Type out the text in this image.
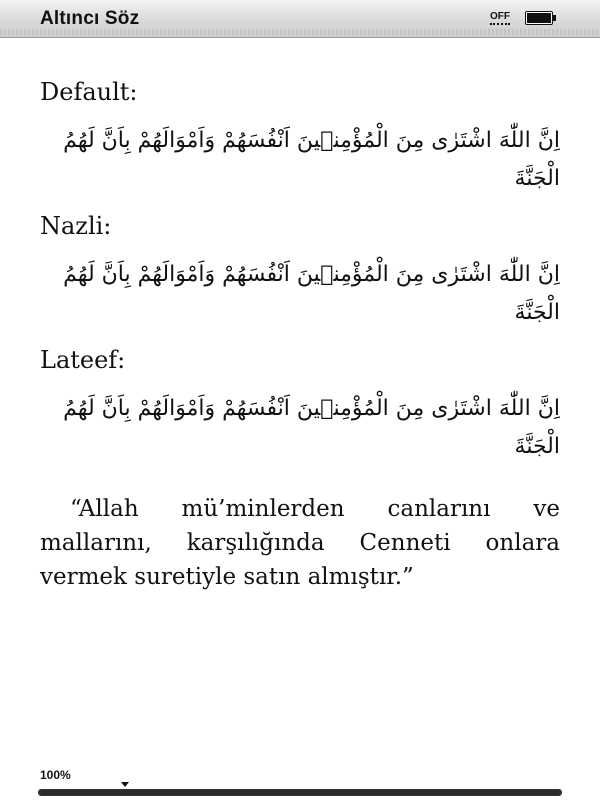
Altıncı Söz	OFF

Default:

اِنَّ اللّٰهَ اشْتَرٰى مِنَ الْمُؤْمِنٖينَ اَنْفُسَهُمْ وَاَمْوَالَهُمْ بِاَنَّ لَهُمُ الْجَنَّةَ

Nazli:

اِنَّ اللّٰهَ اشْتَرٰى مِنَ الْمُؤْمِنٖينَ اَنْفُسَهُمْ وَاَمْوَالَهُمْ بِاَنَّ لَهُمُ الْجَنَّةَ

Lateef:

اِنَّ اللّٰهَ اشْتَرٰى مِنَ الْمُؤْمِنٖينَ اَنْفُسَهُمْ وَاَمْوَالَهُمْ بِاَنَّ لَهُمُ الْجَنَّةَ

“Allah mü’minlerden canlarını ve mallarını, karşılığında Cenneti onlara vermek suretiyle satın almıştır.”

100%
